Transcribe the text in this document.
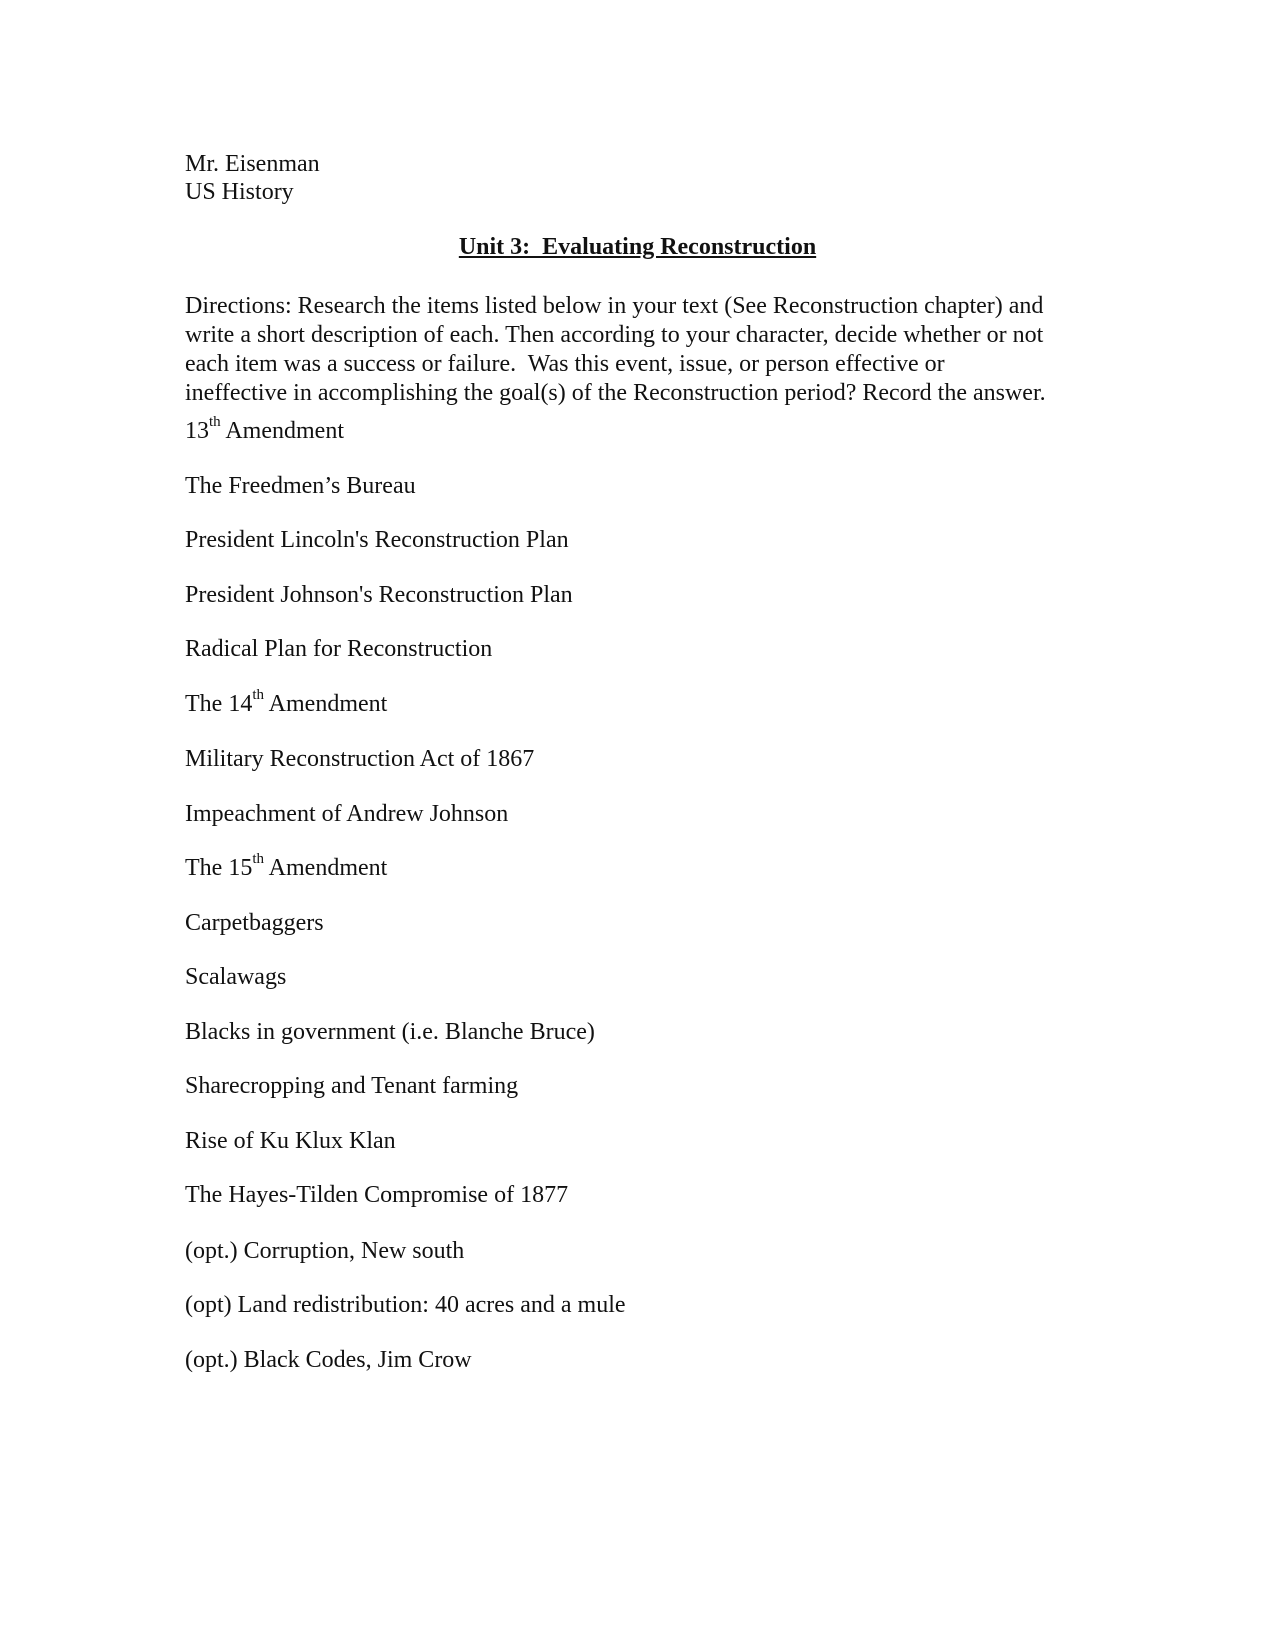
Mr. Eisenman
US History
Unit 3:  Evaluating Reconstruction
Directions: Research the items listed below in your text (See Reconstruction chapter) and
write a short description of each. Then according to your character, decide whether or not
each item was a success or failure.  Was this event, issue, or person effective or
ineffective in accomplishing the goal(s) of the Reconstruction period? Record the answer.
13th Amendment
The Freedmen’s Bureau
President Lincoln's Reconstruction Plan
President Johnson's Reconstruction Plan
Radical Plan for Reconstruction
The 14th Amendment
Military Reconstruction Act of 1867
Impeachment of Andrew Johnson
The 15th Amendment
Carpetbaggers
Scalawags
Blacks in government (i.e. Blanche Bruce)
Sharecropping and Tenant farming
Rise of Ku Klux Klan
The Hayes-Tilden Compromise of 1877
(opt.) Corruption, New south
(opt) Land redistribution: 40 acres and a mule
(opt.) Black Codes, Jim Crow
